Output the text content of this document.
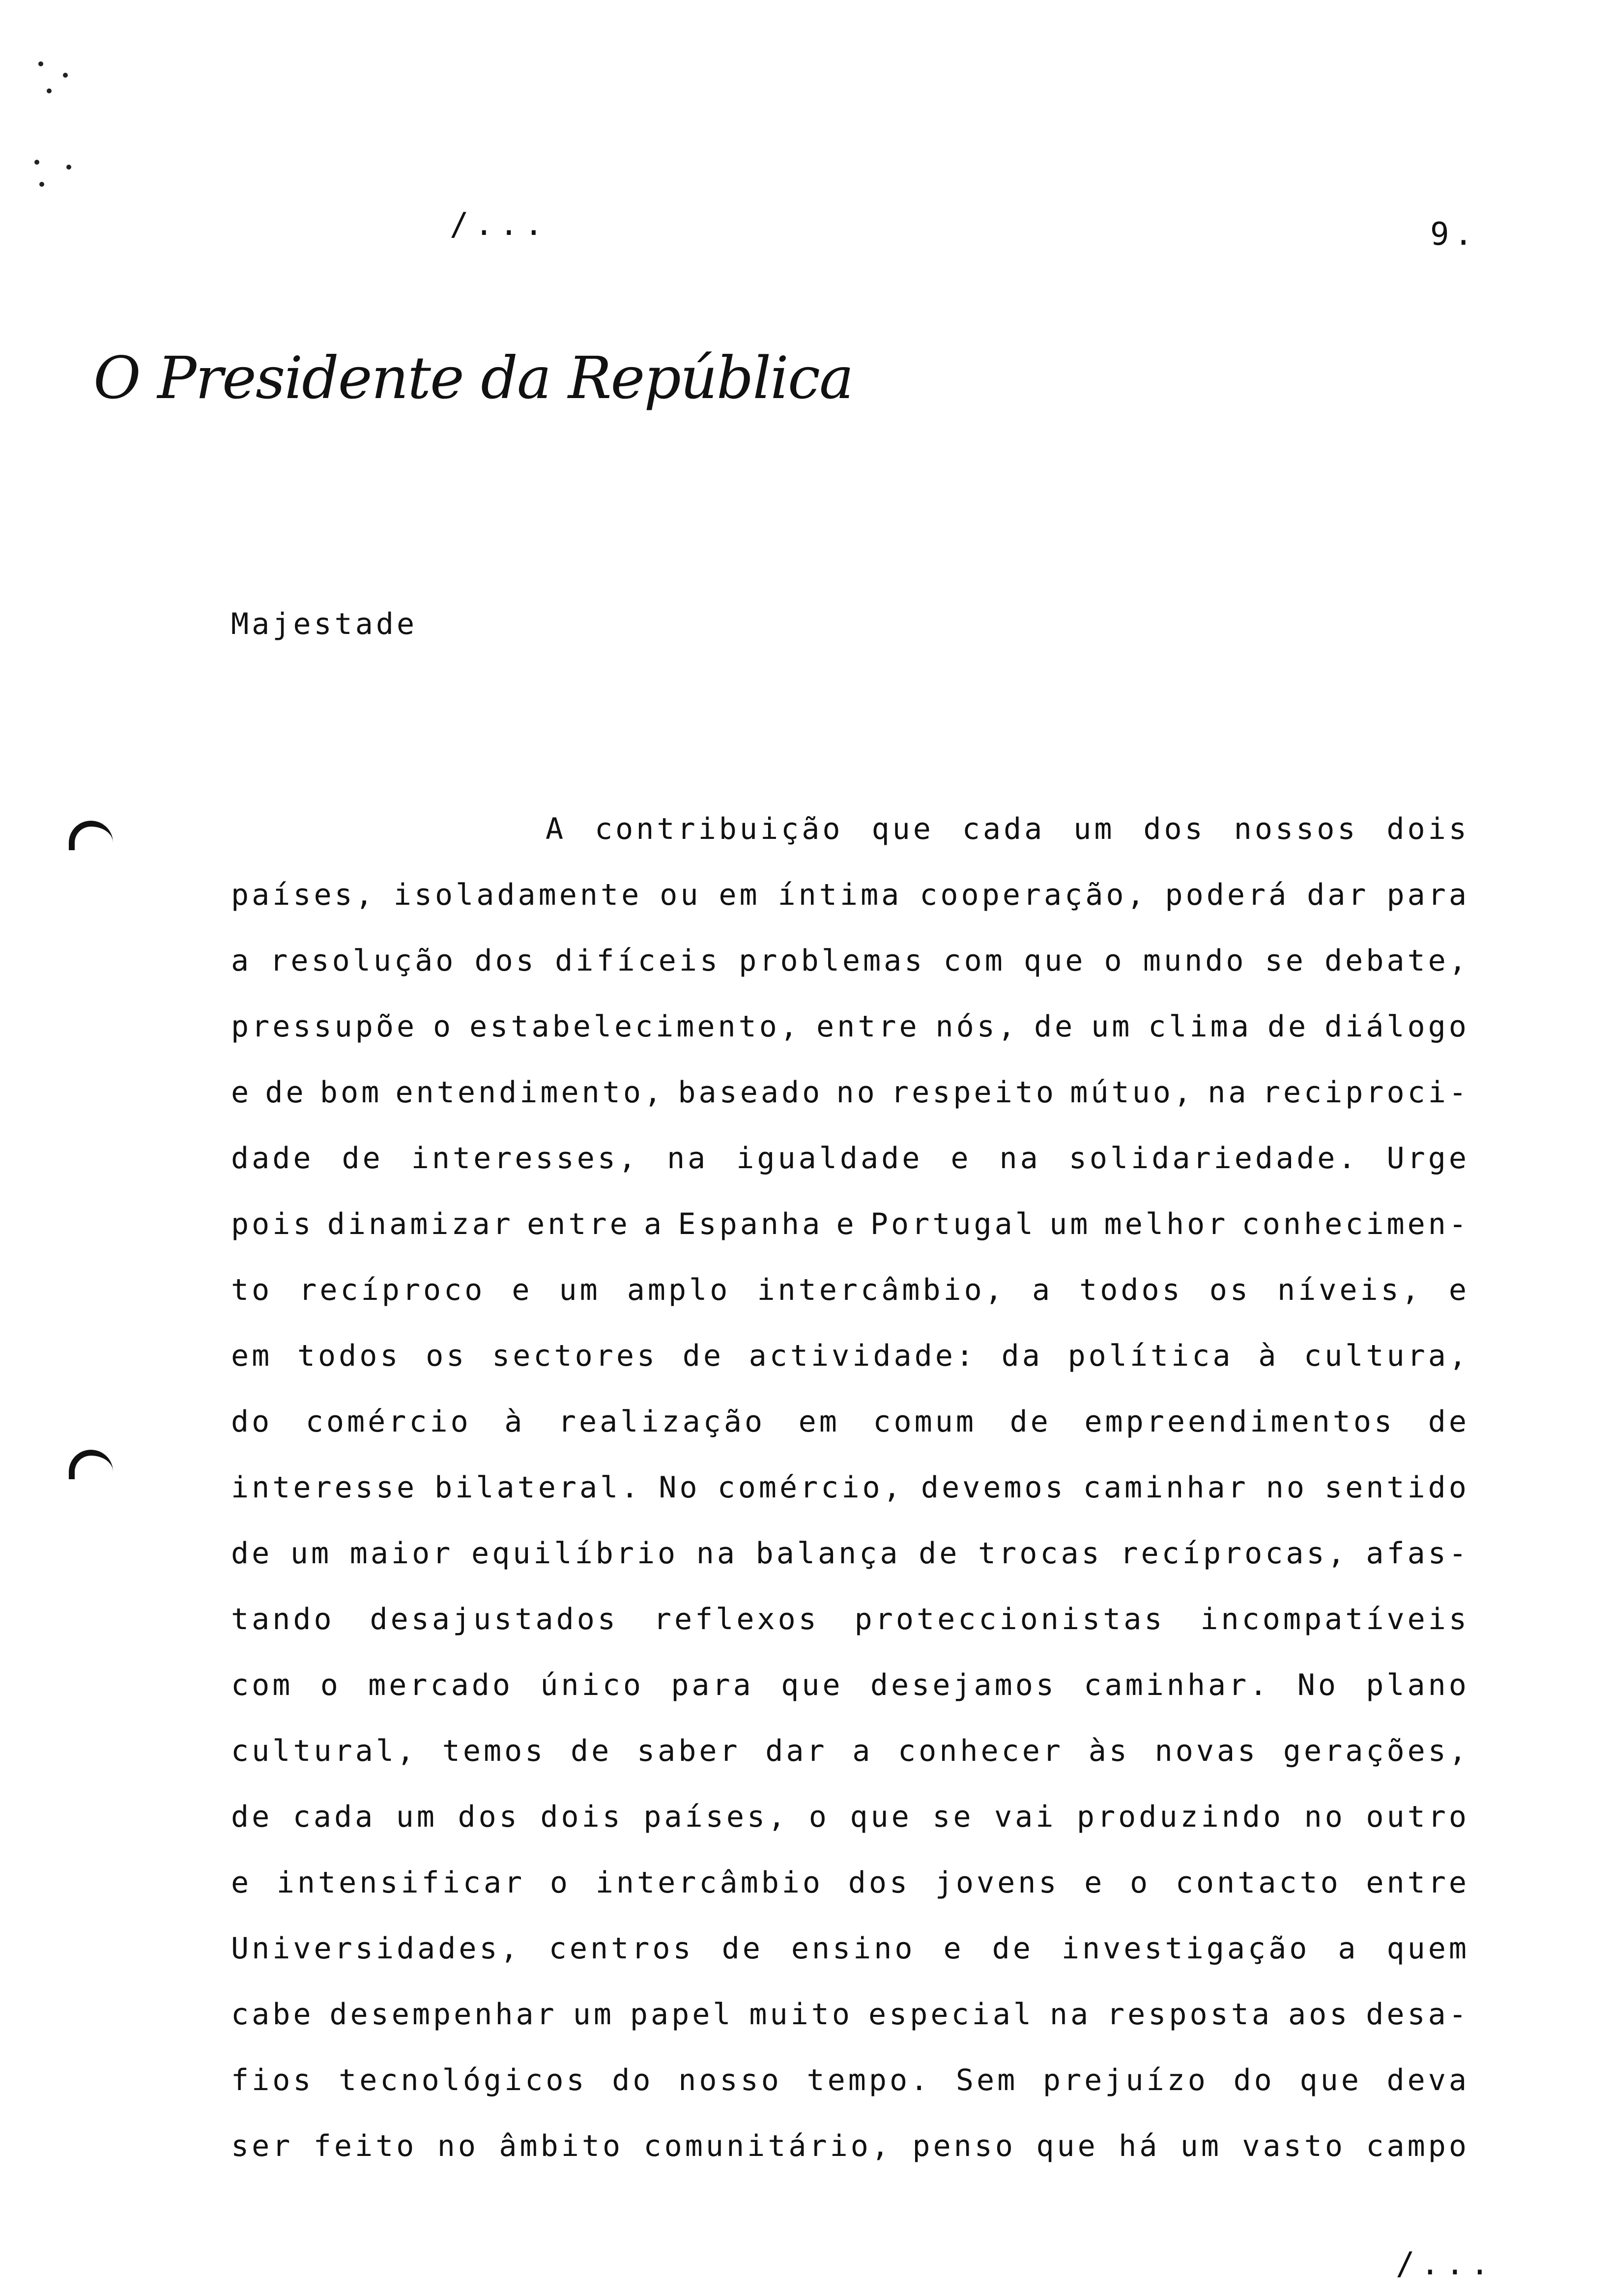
/...	9.
O Presidente da República
Majestade
A contribuição que cada um dos nossos dois
países, isoladamente ou em íntima cooperação, poderá dar para
a resolução dos difíceis problemas com que o mundo se debate,
pressupõe o estabelecimento, entre nós, de um clima de diálogo
e de bom entendimento, baseado no respeito mútuo, na reciproci-
dade de interesses, na igualdade e na solidariedade. Urge
pois dinamizar entre a Espanha e Portugal um melhor conhecimen-
to recíproco e um amplo intercâmbio, a todos os níveis, e
em todos os sectores de actividade: da política à cultura,
do comércio à realização em comum de empreendimentos de
interesse bilateral. No comércio, devemos caminhar no sentido
de um maior equilíbrio na balança de trocas recíprocas, afas-
tando desajustados reflexos proteccionistas incompatíveis
com o mercado único para que desejamos caminhar. No plano
cultural, temos de saber dar a conhecer às novas gerações,
de cada um dos dois países, o que se vai produzindo no outro
e intensificar o intercâmbio dos jovens e o contacto entre
Universidades, centros de ensino e de investigação a quem
cabe desempenhar um papel muito especial na resposta aos desa-
fios tecnológicos do nosso tempo. Sem prejuízo do que deva
ser feito no âmbito comunitário, penso que há um vasto campo
/...
